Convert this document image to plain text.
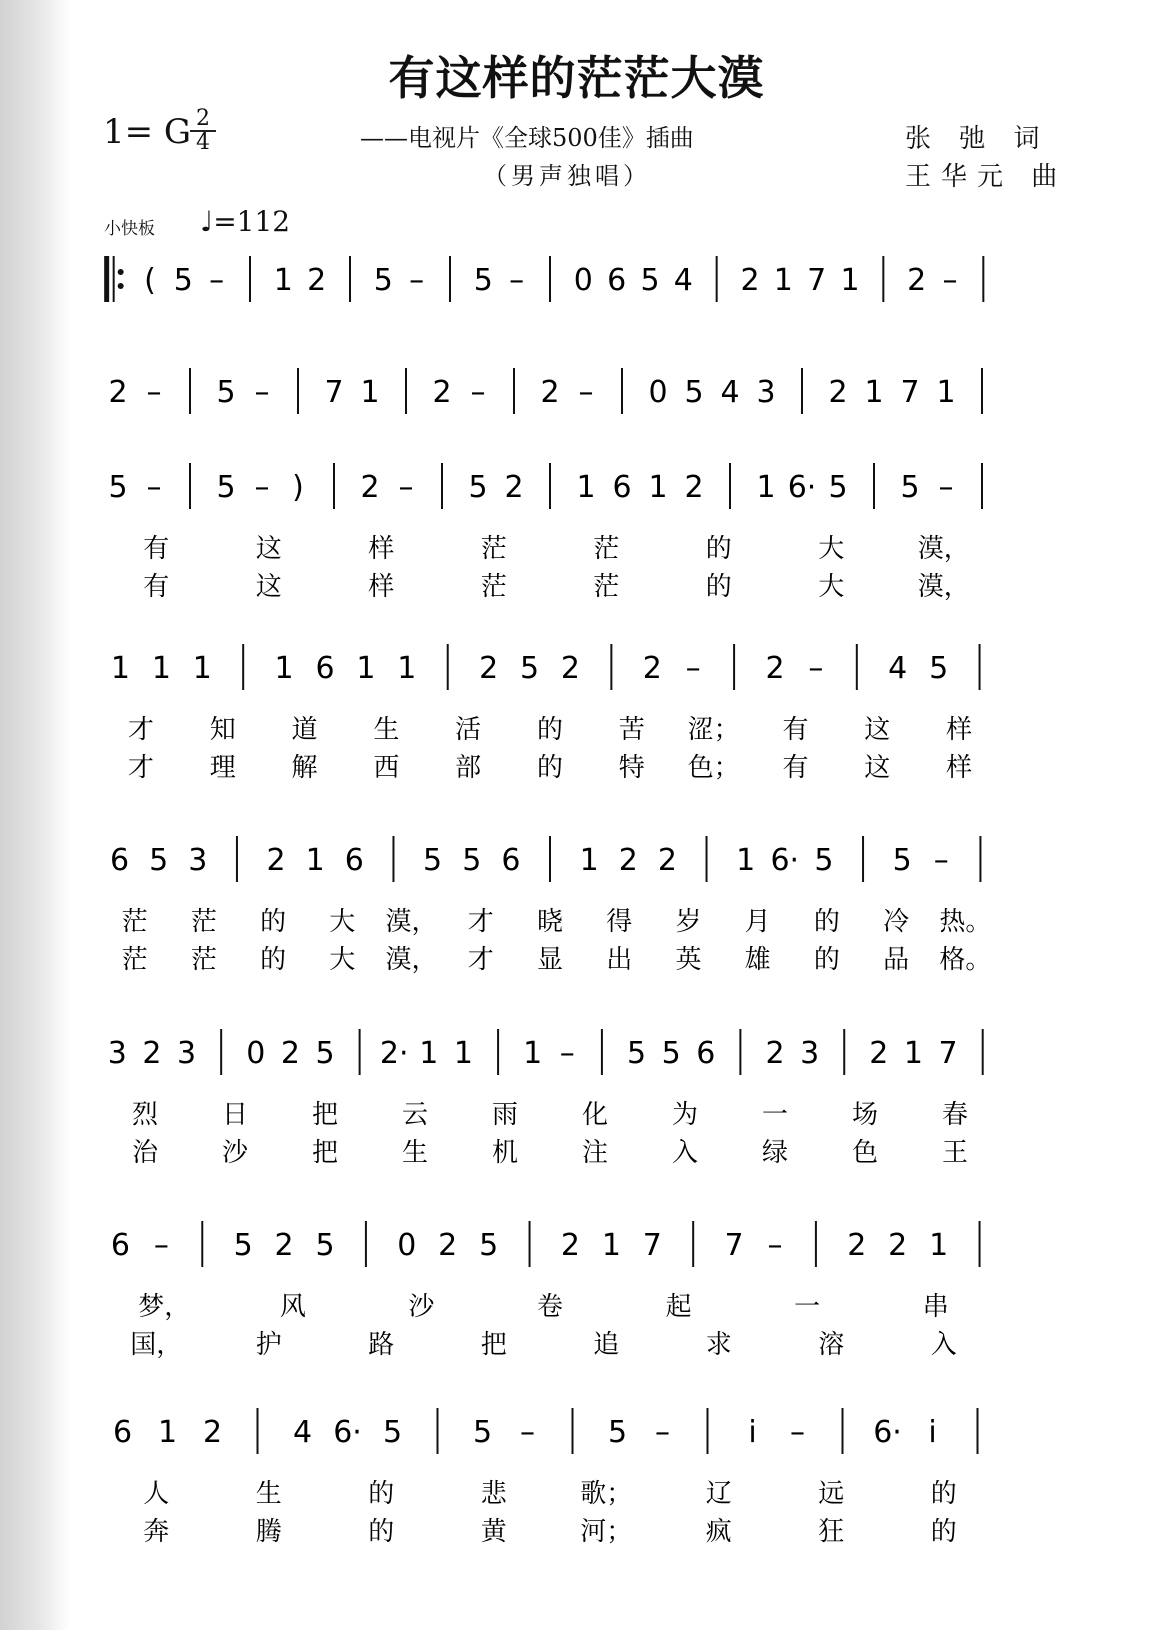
有这样的茫茫大漠
——电视片《全球500佳》插曲
（男声独唱）
1= G 2
4	张 弛 词
王华元 曲
小快板 ♩=112
( 5 – 1 2 5 – 5 – 0 6 5 4 2 1 7 1 2 –
2 – 5 – 7 1 2 – 2 – 0 5 4 3 2 1 7 1
5 – 5 – ) 2 – 5 2 1 6 1 2 1 6· 5 5 –
有	这	样	茫	茫	的	大	漠，
有	这	样	茫	茫	的	大	漠，
1 1 1 1 6 1 1 2 5 2 2 – 2 – 4 5
才 知 道 生 活 的 苦 涩； 有 这 样
才 理 解 西 部 的 特 色； 有 这 样
6 5 3 2 1 6 5 5 6 1 2 2 1 6· 5 5 –
茫 茫 的 大 漠， 才 晓 得 岁 月 的 冷 热。
茫 茫 的 大 漠， 才 显 出 英 雄 的 品 格。
3 2 3 0 2 5 2· 1 1 1 – 5 5 6 2 3 2 1 7
烈 日 把 云 雨 化 为 一 场 春
治 沙 把 生 机 注 入 绿 色 王
6 – 5 2 5 0 2 5 2 1 7 7 – 2 2 1
梦，	风	沙	卷	起	一	串
国，	护	路	把	追	求	溶	入
6 1 2 4 6· 5 5 – 5 –	i – 6· i
人	生	的	悲	歌；	辽	远	的
奔	腾	的	黄	河；	疯	狂	的
